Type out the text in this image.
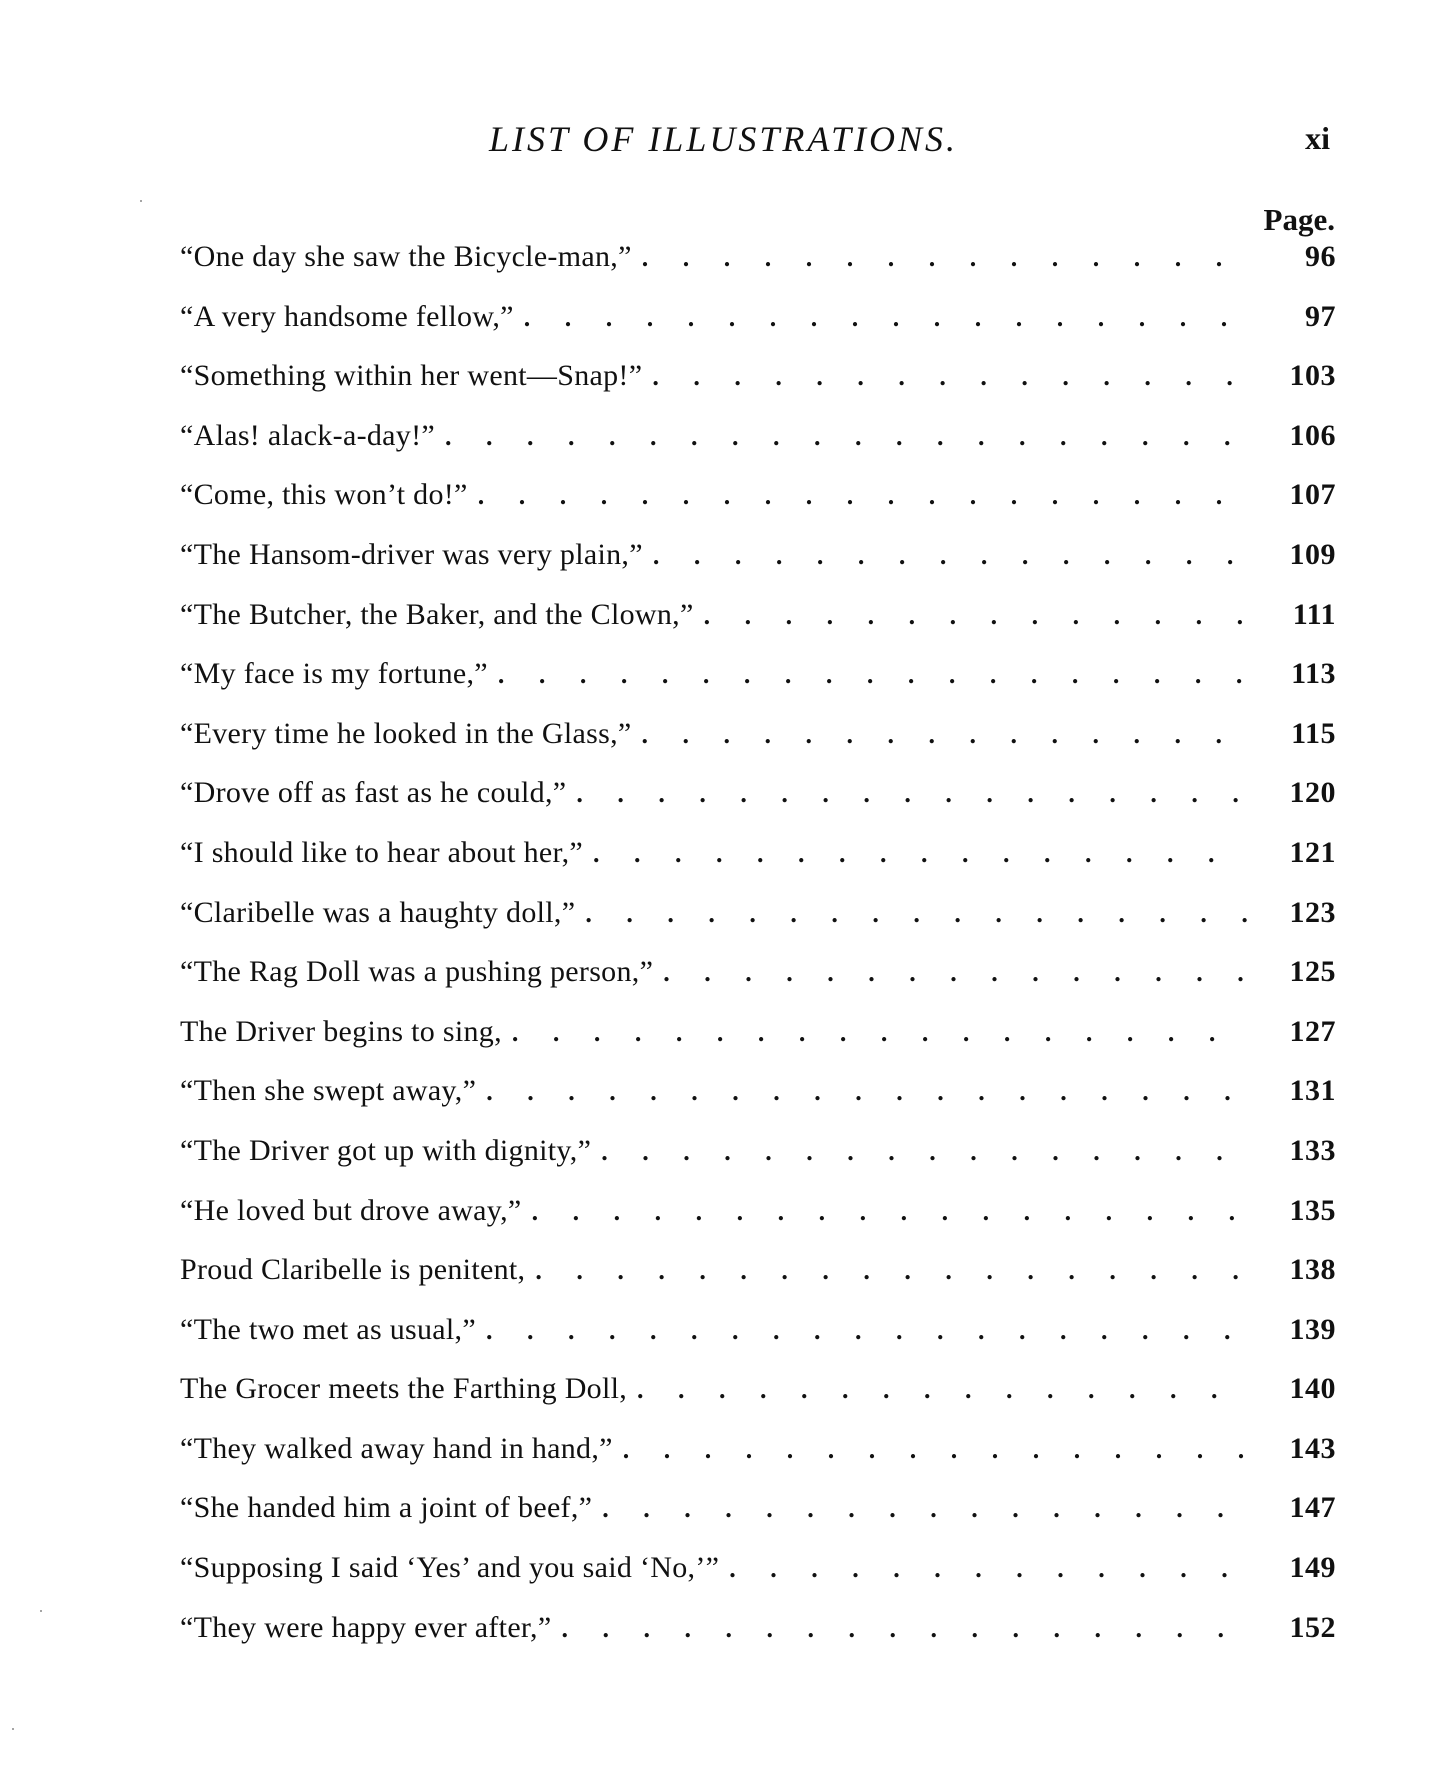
LIST OF ILLUSTRATIONS.	xi
Page.
“One day she saw the Bicycle-man,” . . .	96
“A very handsome fellow,” . . .	97
“Something within her went—Snap!” . . .	103
“Alas! alack-a-day!” . . .	106
“Come, this won’t do!” . . .	107
“The Hansom-driver was very plain,” . . .	109
“The Butcher, the Baker, and the Clown,” . . .	111
“My face is my fortune,” . . .	113
“Every time he looked in the Glass,” . . .	115
“Drove off as fast as he could,” . . .	120
“I should like to hear about her,” . . .	121
“Claribelle was a haughty doll,” . . .	123
“The Rag Doll was a pushing person,” . . .	125
The Driver begins to sing, . . .	127
“Then she swept away,” . . .	131
“The Driver got up with dignity,” . . .	133
“He loved but drove away,” . . .	135
Proud Claribelle is penitent, . . .	138
“The two met as usual,” . . .	139
The Grocer meets the Farthing Doll, . . .	140
“They walked away hand in hand,” . . .	143
“She handed him a joint of beef,” . . .	147
“Supposing I said ‘Yes’ and you said ‘No,’” . . .	149
“They were happy ever after,” . . .	152
